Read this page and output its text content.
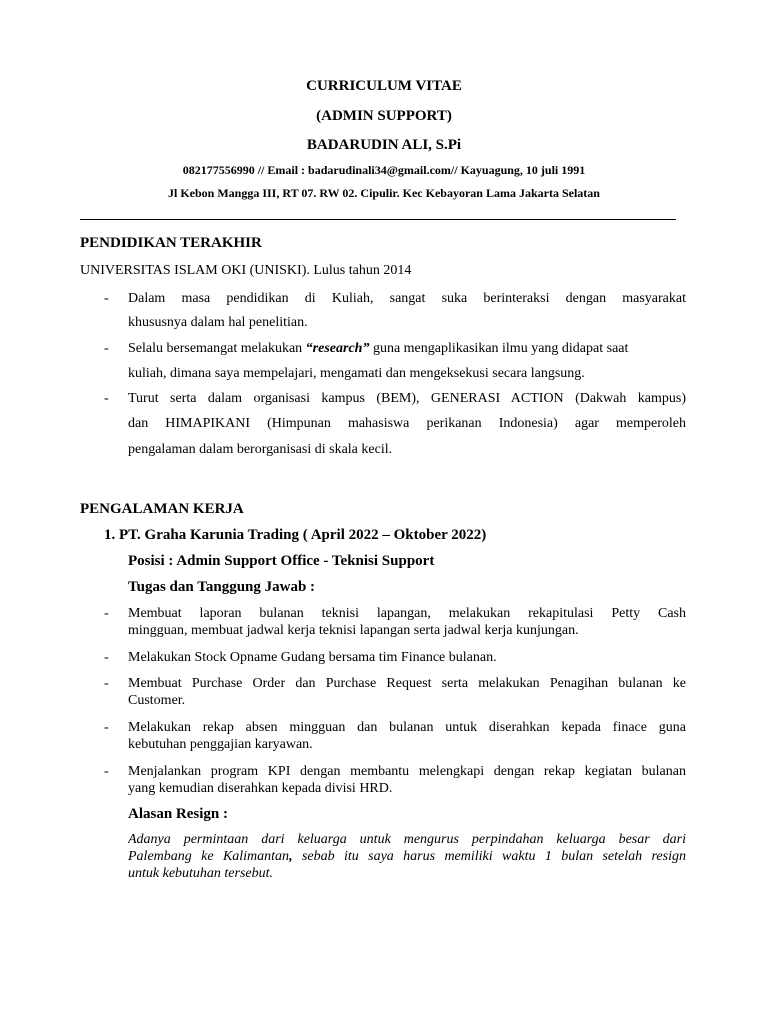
CURRICULUM VITAE
(ADMIN SUPPORT)
BADARUDIN ALI, S.Pi
082177556990 // Email : badarudinali34@gmail.com// Kayuagung, 10 juli 1991
Jl Kebon Mangga III, RT 07. RW 02. Cipulir. Kec Kebayoran Lama Jakarta Selatan
PENDIDIKAN TERAKHIR
UNIVERSITAS ISLAM OKI (UNISKI). Lulus tahun 2014
- Dalam masa pendidikan di Kuliah, sangat suka berinteraksi dengan masyarakat
khususnya dalam hal penelitian.
- Selalu bersemangat melakukan “research” guna mengaplikasikan ilmu yang didapat saat
kuliah, dimana saya mempelajari, mengamati dan mengeksekusi secara langsung.
- Turut serta dalam organisasi kampus (BEM), GENERASI ACTION (Dakwah kampus)
dan HIMAPIKANI (Himpunan mahasiswa perikanan Indonesia) agar memperoleh
pengalaman dalam berorganisasi di skala kecil.
PENGALAMAN KERJA
1. PT. Graha Karunia Trading ( April 2022 – Oktober 2022)
Posisi : Admin Support Office - Teknisi Support
Tugas dan Tanggung Jawab :
- Membuat laporan bulanan teknisi lapangan, melakukan rekapitulasi Petty Cash
mingguan, membuat jadwal kerja teknisi lapangan serta jadwal kerja kunjungan.
- Melakukan Stock Opname Gudang bersama tim Finance bulanan.
- Membuat Purchase Order dan Purchase Request serta melakukan Penagihan bulanan ke
Customer.
- Melakukan rekap absen mingguan dan bulanan untuk diserahkan kepada finace guna
kebutuhan penggajian karyawan.
- Menjalankan program KPI dengan membantu melengkapi dengan rekap kegiatan bulanan
yang kemudian diserahkan kepada divisi HRD.
Alasan Resign :
Adanya permintaan dari keluarga untuk mengurus perpindahan keluarga besar dari
Palembang ke Kalimantan, sebab itu saya harus memiliki waktu 1 bulan setelah resign
untuk kebutuhan tersebut.
